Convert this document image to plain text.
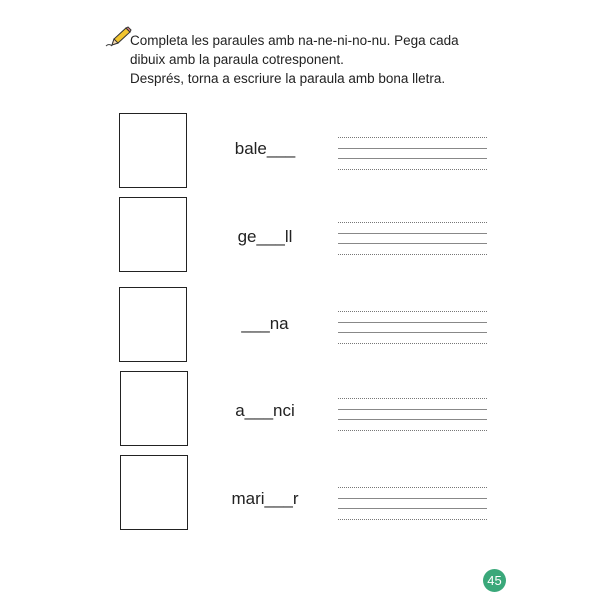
Completa les paraules amb na-ne-ni-no-nu. Pega cada
dibuix amb la paraula cotresponent.
Després, torna a escriure la paraula amb bona lletra.
bale___
ge___ll
___na
a___nci
mari___r
45
